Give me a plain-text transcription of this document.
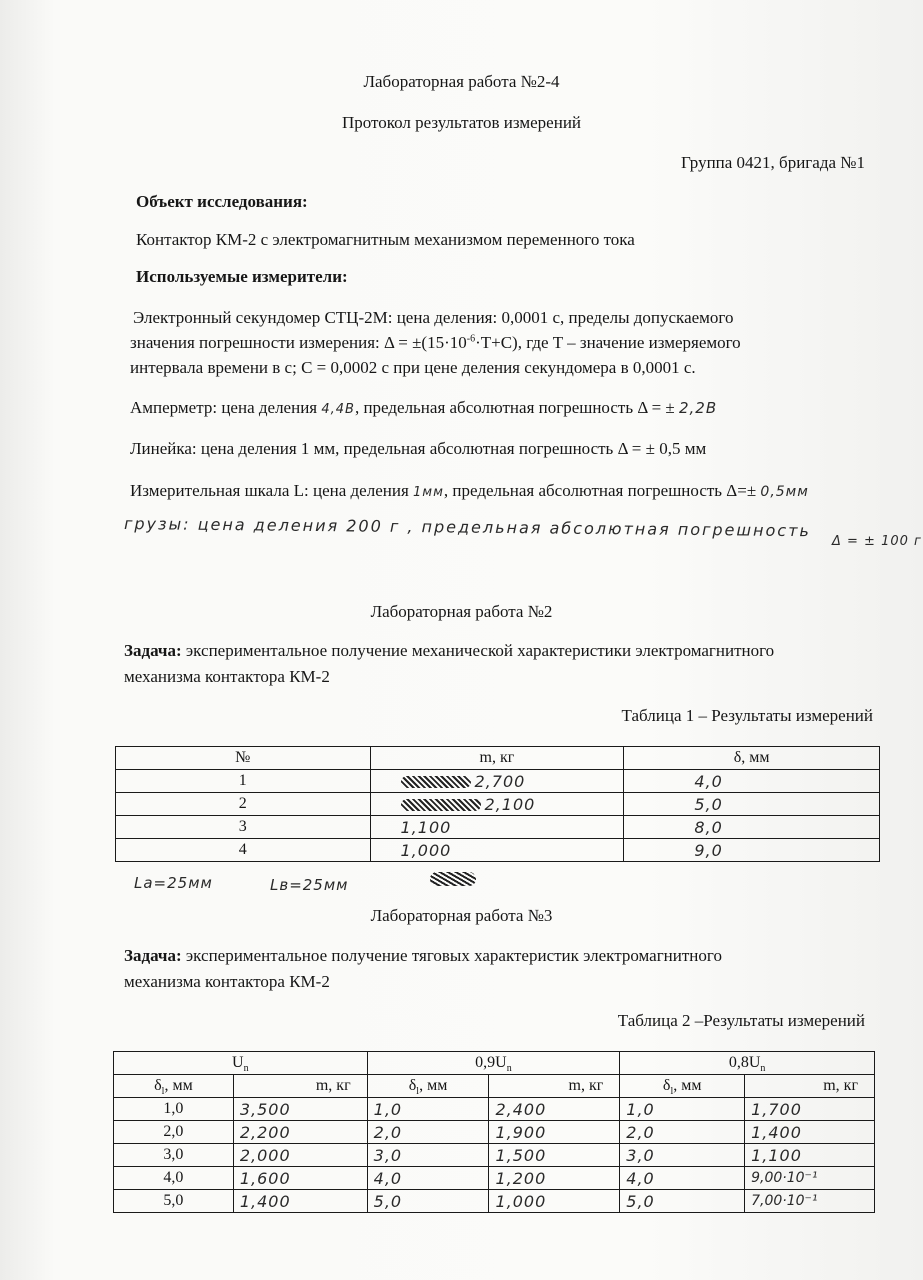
Лабораторная работа №2-4
Протокол результатов измерений
Группа 0421, бригада №1
Объект исследования:
Контактор КМ-2 с электромагнитным механизмом переменного тока
Используемые измерители:
Электронный секундомер СТЦ-2М: цена деления: 0,0001 с, пределы допускаемого
значения погрешности измерения: $\Delta = \pm(15\cdot 10^{-6}\cdot T+C)$, где T – значение измеряемого
интервала времени в с; C = 0,0002 с при цене деления секундомера в 0,0001 с.
Амперметр: цена деления 4,4В, предельная абсолютная погрешность Δ = ± 2,2В
Линейка: цена деления 1 мм, предельная абсолютная погрешность Δ = ± 0,5 мм
Измерительная шкала L: цена деления 1мм, предельная абсолютная погрешность Δ=± 0,5мм
грузы: цена деления 200 г , предельная абсолютная погрешность
Δ = ± 100 г
Лабораторная работа №2
Задача: экспериментальное получение механической характеристики электромагнитного
механизма контактора КМ-2
Таблица 1 – Результаты измерений
№	m, кг	δ, мм
1	2,700	4,0
2	2,100	5,0
3	1,100	8,0
4	1,000	9,0
Lа=25мм	Lв=25мм
Лабораторная работа №3
Задача: экспериментальное получение тяговых характеристик электромагнитного
механизма контактора КМ-2
Таблица 2 –Результаты измерений
$U_n$		$0,9U_n$		$0,8U_n$
$\delta_l$, мм	m, кг	$\delta_l$, мм	m, кг	$\delta_l$, мм	m, кг
1,0	3,500	1,0	2,400	1,0	1,700
2,0	2,200	2,0	1,900	2,0	1,400
3,0	2,000	3,0	1,500	3,0	1,100
4,0	1,600	4,0	1,200	4,0	9,00·10⁻¹
5,0	1,400	5,0	1,000	5,0	7,00·10⁻¹
